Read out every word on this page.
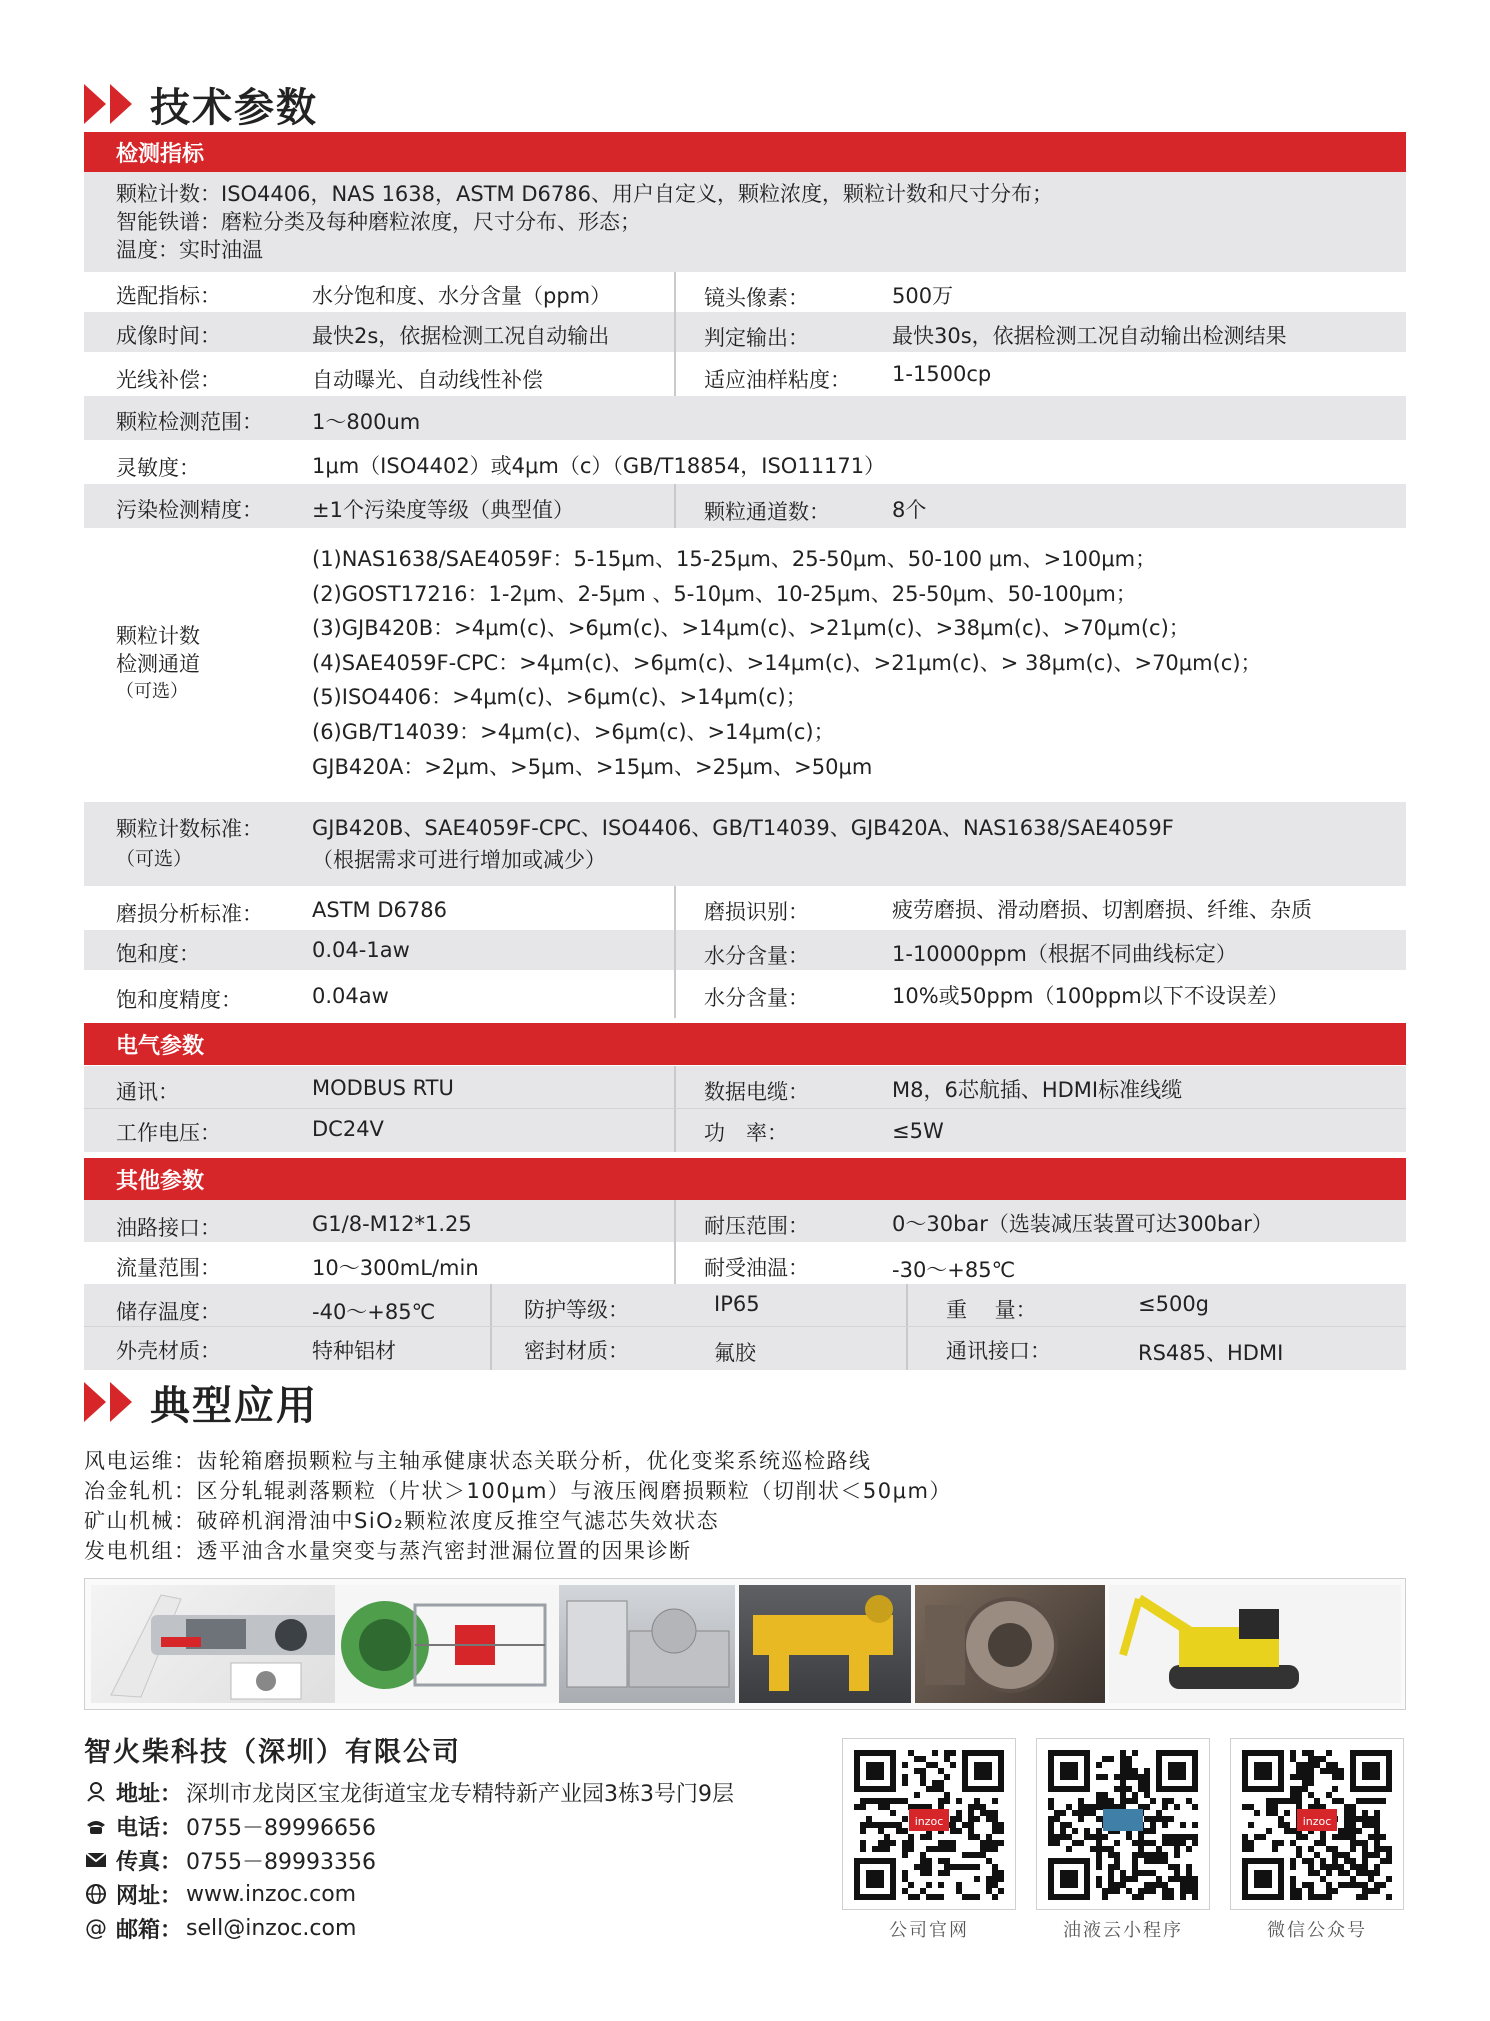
技术参数
检测指标
颗粒计数：ISO4406，NAS 1638，ASTM D6786、用户自定义，颗粒浓度，颗粒计数和尺寸分布；
智能铁谱：磨粒分类及每种磨粒浓度，尺寸分布、形态；
温度：实时油温
选配指标：	水分饱和度、水分含量（ppm）	镜头像素：	500万
成像时间：	最快2s，依据检测工况自动输出	判定输出：	最快30s，依据检测工况自动输出检测结果
光线补偿：	自动曝光、自动线性补偿	适应油样粘度： 1-1500cp
颗粒检测范围： 1～800um
灵敏度：	1μm（ISO4402）或4μm（c）（GB/T18854，ISO11171）
污染检测精度： ±1个污染度等级（典型值）	颗粒通道数：	8个
颗粒计数
检测通道
（可选）
(1)NAS1638/SAE4059F：5-15μm、15-25μm、25-50μm、50-100 μm、>100μm；
(2)GOST17216：1-2μm、2-5μm 、5-10μm、10-25μm、25-50μm、50-100μm；
(3)GJB420B：>4μm(c)、>6μm(c)、>14μm(c)、>21μm(c)、>38μm(c)、>70μm(c)；
(4)SAE4059F-CPC：>4μm(c)、>6μm(c)、>14μm(c)、>21μm(c)、> 38μm(c)、>70μm(c)；
(5)ISO4406：>4μm(c)、>6μm(c)、>14μm(c)；
(6)GB/T14039：>4μm(c)、>6μm(c)、>14μm(c)；
GJB420A：>2μm、>5μm、>15μm、>25μm、>50μm
颗粒计数标准：
（可选）
GJB420B、SAE4059F-CPC、ISO4406、GB/T14039、GJB420A、NAS1638/SAE4059F
（根据需求可进行增加或减少）
磨损分析标准： ASTM D6786	磨损识别：	疲劳磨损、滑动磨损、切割磨损、纤维、杂质
饱和度：	0.04-1aw	水分含量：	1-10000ppm（根据不同曲线标定）
饱和度精度：	0.04aw	水分含量：	10%或50ppm（100ppm以下不设误差）
电气参数
通讯：	MODBUS RTU	数据电缆：	M8，6芯航插、HDMI标准线缆
工作电压：	DC24V	功　率：	≤5W
其他参数
油路接口：	G1/8-M12*1.25	耐压范围：	0～30bar（选装减压装置可达300bar）
流量范围：	10～300mL/min	耐受油温：	-30～+85℃
储存温度：	-40～+85℃	防护等级：	IP65	重　 量：	≤500g
外壳材质：	特种铝材	密封材质：	氟胶	通讯接口：	RS485、HDMI
典型应用
风电运维：齿轮箱磨损颗粒与主轴承健康状态关联分析，优化变桨系统巡检路线
冶金轧机：区分轧辊剥落颗粒（片状＞100μm）与液压阀磨损颗粒（切削状＜50μm）
矿山机械：破碎机润滑油中SiO₂颗粒浓度反推空气滤芯失效状态
发电机组：透平油含水量突变与蒸汽密封泄漏位置的因果诊断
智火柴科技（深圳）有限公司
地址： 深圳市龙岗区宝龙街道宝龙专精特新产业园3栋3号门9层
电话： 0755－89996656
传真： 0755－89993356
网址： www.inzoc.com
@ 邮箱： sell@inzoc.com
inzoc
公司官网	油液云小程序
inzoc
微信公众号
